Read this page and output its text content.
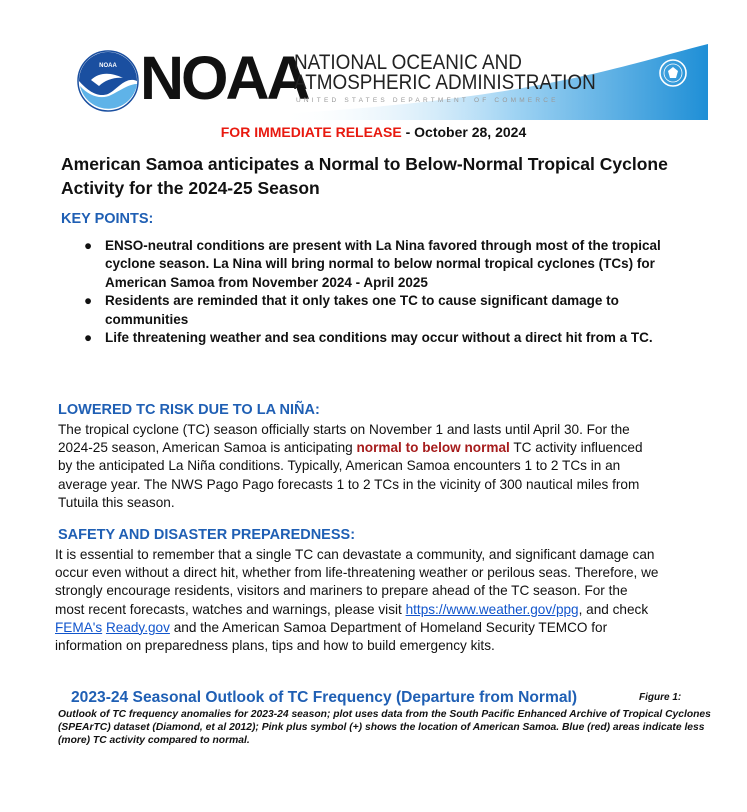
NOAA NOAA
NATIONAL OCEANIC AND
ATMOSPHERIC ADMINISTRATION
UNITED STATES DEPARTMENT OF COMMERCE
FOR IMMEDIATE RELEASE - October 28, 2024
American Samoa anticipates a Normal to Below-Normal Tropical Cyclone Activity for the 2024-25 Season
KEY POINTS:
● ENSO-neutral conditions are present with La Nina favored through most of the tropical cyclone season. La Nina will bring normal to below normal tropical cyclones (TCs) for American Samoa from November 2024 - April 2025
● Residents are reminded that it only takes one TC to cause significant damage to communities
● Life threatening weather and sea conditions may occur without a direct hit from a TC.
LOWERED TC RISK DUE TO LA NIÑA:

The tropical cyclone (TC) season officially starts on November 1 and lasts until April 30. For the 2024-25 season, American Samoa is anticipating normal to below normal TC activity influenced by the anticipated La Niña conditions. Typically, American Samoa encounters 1 to 2 TCs in an average year. The NWS Pago Pago forecasts 1 to 2 TCs in the vicinity of 300 nautical miles from Tutuila this season.

SAFETY AND DISASTER PREPAREDNESS:

It is essential to remember that a single TC can devastate a community, and significant damage can occur even without a direct hit, whether from life-threatening weather or perilous seas. Therefore, we strongly encourage residents, visitors and mariners to prepare ahead of the TC season. For the most recent forecasts, watches and warnings, please visit https://www.weather.gov/ppg, and check FEMA's Ready.gov and the American Samoa Department of Homeland Security TEMCO for information on preparedness plans, tips and how to build emergency kits.

2023-24 Seasonal Outlook of TC Frequency (Departure from Normal)	Figure 1:

Outlook of TC frequency anomalies for 2023-24 season; plot uses data from the South Pacific Enhanced Archive of Tropical Cyclones (SPEArTC) dataset (Diamond, et al 2012); Pink plus symbol (+) shows the location of American Samoa. Blue (red) areas indicate less (more) TC activity compared to normal.
